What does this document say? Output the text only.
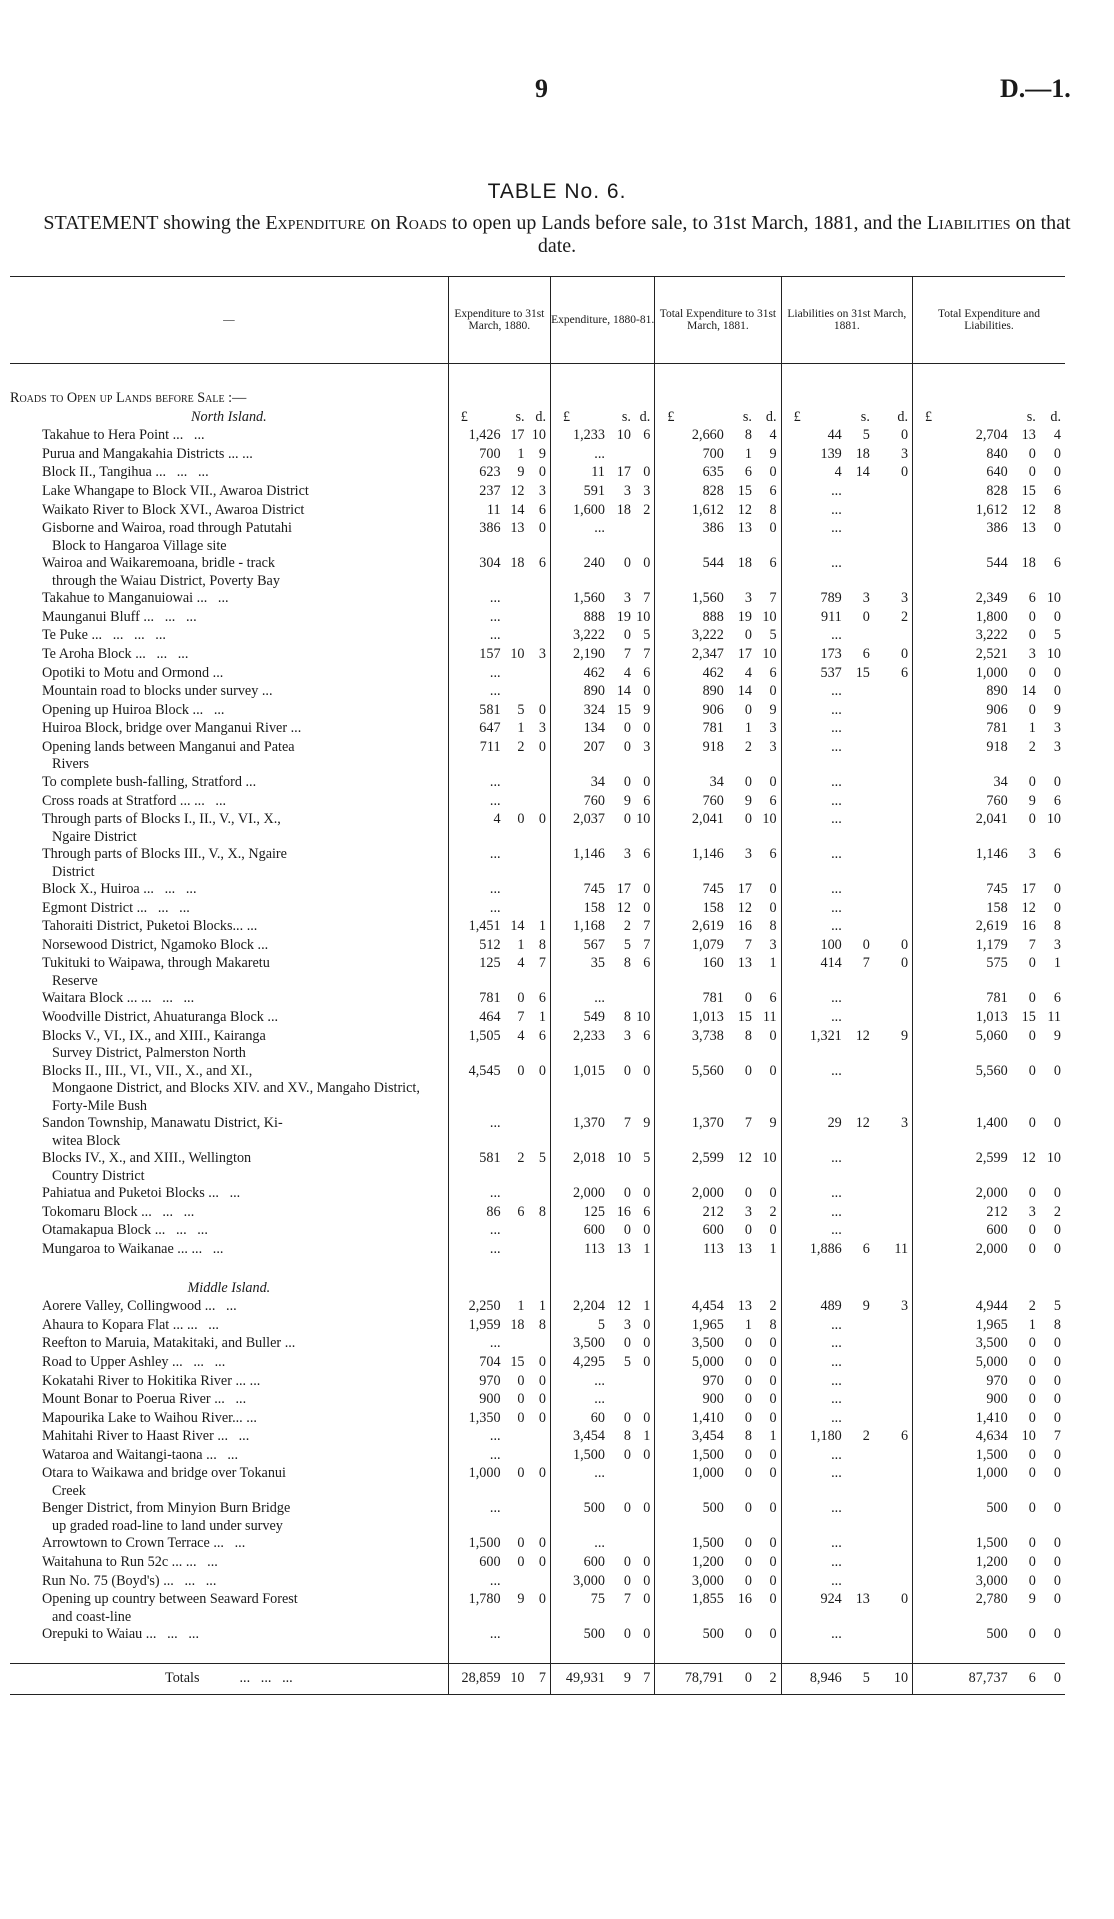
9	D.—1.
TABLE No. 6.
STATEMENT showing the Expenditure on Roads to open up Lands before sale, to 31st March, 1881, and the Liabilities on that date.
—	Expenditure to 31st March, 1880.			Expenditure, 1880-81.			Total Expenditure to 31st March, 1881.			Liabilities on 31st March, 1881.			Total Expenditure and Liabilities.		

Roads to Open up Lands before Sale :—															
North Island.	£	s.	d.	£	s.	d.	£	s.	d.	£	s.	d.	£	s.	d.

Takahue to Hera Point ...   ...	1,426	17	10	1,233	10	6	2,660	8	4	44	5	0	2,704	13	4

Purua and Mangakahia Districts ... ...	700	1	9	...			700	1	9	139	18	3	840	0	0

Block II., Tangihua ...   ...   ...	623	9	0	11	17	0	635	6	0	4	14	0	640	0	0

Lake Whangape to Block VII., Awaroa District	237	12	3	591	3	3	828	15	6	...			828	15	6

Waikato River to Block XVI., Awaroa District	11	14	6	1,600	18	2	1,612	12	8	...			1,612	12	8

Gisborne and Wairoa, road through Patutahi
Block to Hangaroa Village site	386	13	0	...			386	13	0	...			386	13	0

Wairoa and Waikaremoana, bridle - track
through the Waiau District, Poverty Bay	304	18	6	240	0	0	544	18	6	...			544	18	6

Takahue to Manganuiowai ...   ...	...			1,560	3	7	1,560	3	7	789	3	3	2,349	6	10

Maunganui Bluff ...   ...   ...	...			888	19	10	888	19	10	911	0	2	1,800	0	0

Te Puke ...   ...   ...   ...	...			3,222	0	5	3,222	0	5	...			3,222	0	5

Te Aroha Block ...   ...   ...	157	10	3	2,190	7	7	2,347	17	10	173	6	0	2,521	3	10

Opotiki to Motu and Ormond ...	...			462	4	6	462	4	6	537	15	6	1,000	0	0

Mountain road to blocks under survey ...	...			890	14	0	890	14	0	...			890	14	0

Opening up Huiroa Block ...   ...	581	5	0	324	15	9	906	0	9	...			906	0	9

Huiroa Block, bridge over Manganui River ...	647	1	3	134	0	0	781	1	3	...			781	1	3

Opening lands between Manganui and Patea
Rivers	711	2	0	207	0	3	918	2	3	...			918	2	3

To complete bush-falling, Stratford ...	...			34	0	0	34	0	0	...			34	0	0

Cross roads at Stratford ... ...   ...	...			760	9	6	760	9	6	...			760	9	6

Through parts of Blocks I., II., V., VI., X.,
Ngaire District	4	0	0	2,037	0	10	2,041	0	10	...			2,041	0	10

Through parts of Blocks III., V., X., Ngaire
District	...			1,146	3	6	1,146	3	6	...			1,146	3	6

Block X., Huiroa ...   ...   ...	...			745	17	0	745	17	0	...			745	17	0

Egmont District ...   ...   ...	...			158	12	0	158	12	0	...			158	12	0

Tahoraiti District, Puketoi Blocks... ...	1,451	14	1	1,168	2	7	2,619	16	8	...			2,619	16	8

Norsewood District, Ngamoko Block ...	512	1	8	567	5	7	1,079	7	3	100	0	0	1,179	7	3

Tukituki to Waipawa, through Makaretu
Reserve	125	4	7	35	8	6	160	13	1	414	7	0	575	0	1

Waitara Block ... ...   ...   ...	781	0	6	...			781	0	6	...			781	0	6

Woodville District, Ahuaturanga Block ...	464	7	1	549	8	10	1,013	15	11	...			1,013	15	11

Blocks V., VI., IX., and XIII., Kairanga
Survey District, Palmerston North	1,505	4	6	2,233	3	6	3,738	8	0	1,321	12	9	5,060	0	9

Blocks II., III., VI., VII., X., and XI.,
Mongaone District, and Blocks XIV. and XV., Mangaho District, Forty-Mile Bush	4,545	0	0	1,015	0	0	5,560	0	0	...			5,560	0	0

Sandon Township, Manawatu District, Ki-
witea Block	...			1,370	7	9	1,370	7	9	29	12	3	1,400	0	0

Blocks IV., X., and XIII., Wellington
Country District	581	2	5	2,018	10	5	2,599	12	10	...			2,599	12	10

Pahiatua and Puketoi Blocks ...   ...	...			2,000	0	0	2,000	0	0	...			2,000	0	0

Tokomaru Block ...   ...   ...	86	6	8	125	16	6	212	3	2	...			212	3	2

Otamakapua Block ...   ...   ...	...			600	0	0	600	0	0	...			600	0	0

Mungaroa to Waikanae ... ...   ...	...			113	13	1	113	13	1	1,886	6	11	2,000	0	0

Middle Island.															

Aorere Valley, Collingwood ...   ...	2,250	1	1	2,204	12	1	4,454	13	2	489	9	3	4,944	2	5

Ahaura to Kopara Flat ... ...   ...	1,959	18	8	5	3	0	1,965	1	8	...			1,965	1	8

Reefton to Maruia, Matakitaki, and Buller ...	...			3,500	0	0	3,500	0	0	...			3,500	0	0

Road to Upper Ashley ...   ...   ...	704	15	0	4,295	5	0	5,000	0	0	...			5,000	0	0

Kokatahi River to Hokitika River ... ...	970	0	0	...			970	0	0	...			970	0	0

Mount Bonar to Poerua River ...   ...	900	0	0	...			900	0	0	...			900	0	0

Mapourika Lake to Waihou River... ...	1,350	0	0	60	0	0	1,410	0	0	...			1,410	0	0

Mahitahi River to Haast River ...   ...	...			3,454	8	1	3,454	8	1	1,180	2	6	4,634	10	7

Wataroa and Waitangi-taona ...   ...	...			1,500	0	0	1,500	0	0	...			1,500	0	0

Otara to Waikawa and bridge over Tokanui
Creek	1,000	0	0	...			1,000	0	0	...			1,000	0	0

Benger District, from Minyion Burn Bridge
up graded road-line to land under survey	...			500	0	0	500	0	0	...			500	0	0

Arrowtown to Crown Terrace ...   ...	1,500	0	0	...			1,500	0	0	...			1,500	0	0

Waitahuna to Run 52c ... ...   ...	600	0	0	600	0	0	1,200	0	0	...			1,200	0	0

Run No. 75 (Boyd's) ...   ...   ...	...			3,000	0	0	3,000	0	0	...			3,000	0	0

Opening up country between Seaward Forest
and coast-line	1,780	9	0	75	7	0	1,855	16	0	924	13	0	2,780	9	0

Orepuki to Waiau ...   ...   ...	...			500	0	0	500	0	0	...			500	0	0

Totals ...   ...   ...	28,859	10	7	49,931	9	7	78,791	0	2	8,946	5	10	87,737	6	0
